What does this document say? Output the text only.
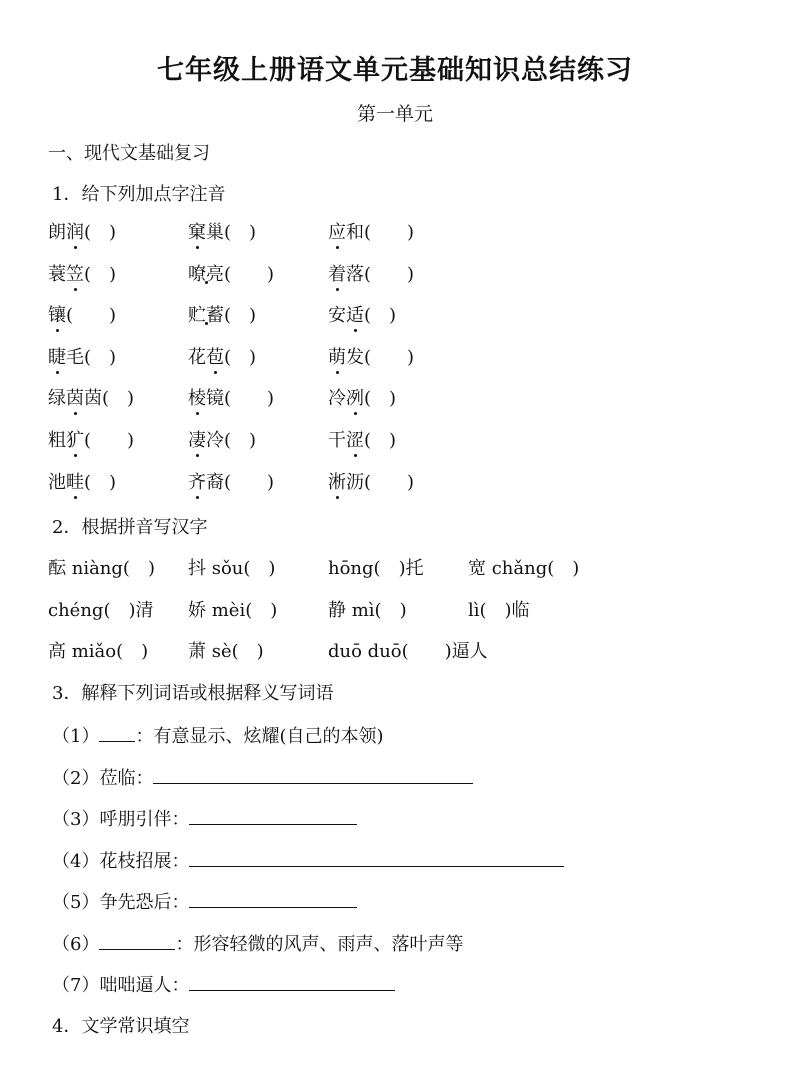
七年级上册语文单元基础知识总结练习
第一单元
一、现代文基础复习
1．给下列加点字注音
朗润(　)	窠巢(　)	应和(　　)
蓑笠(　)	嘹亮(　　)	着落(　　)
镶(　　)	贮蓄(　)	安适(　)
睫毛(　)	花苞(　)	萌发(　　)
绿茵茵(　)	棱镜(　　)	冷冽(　)
粗犷(　　)	凄冷(　)	干涩(　)
池畦(　)	齐裔(　　)	淅沥(　　)
2．根据拼音写汉字
酝 niàng(　) 抖 sǒu(　)	hōng(　)托 宽 chǎng(　)
chéng(　)清 娇 mèi(　)	静 mì(　)	lì(　)临
高 miǎo(　) 萧 sè(　)	duō duō(　　)逼人
3．解释下列词语或根据释义写词语
（1） ：有意显示、炫耀(自己的本领)
（2）莅临：
（3）呼朋引伴：
（4）花枝招展：
（5）争先恐后：
（6）	：形容轻微的风声、雨声、落叶声等
（7）咄咄逼人：
4．文学常识填空
